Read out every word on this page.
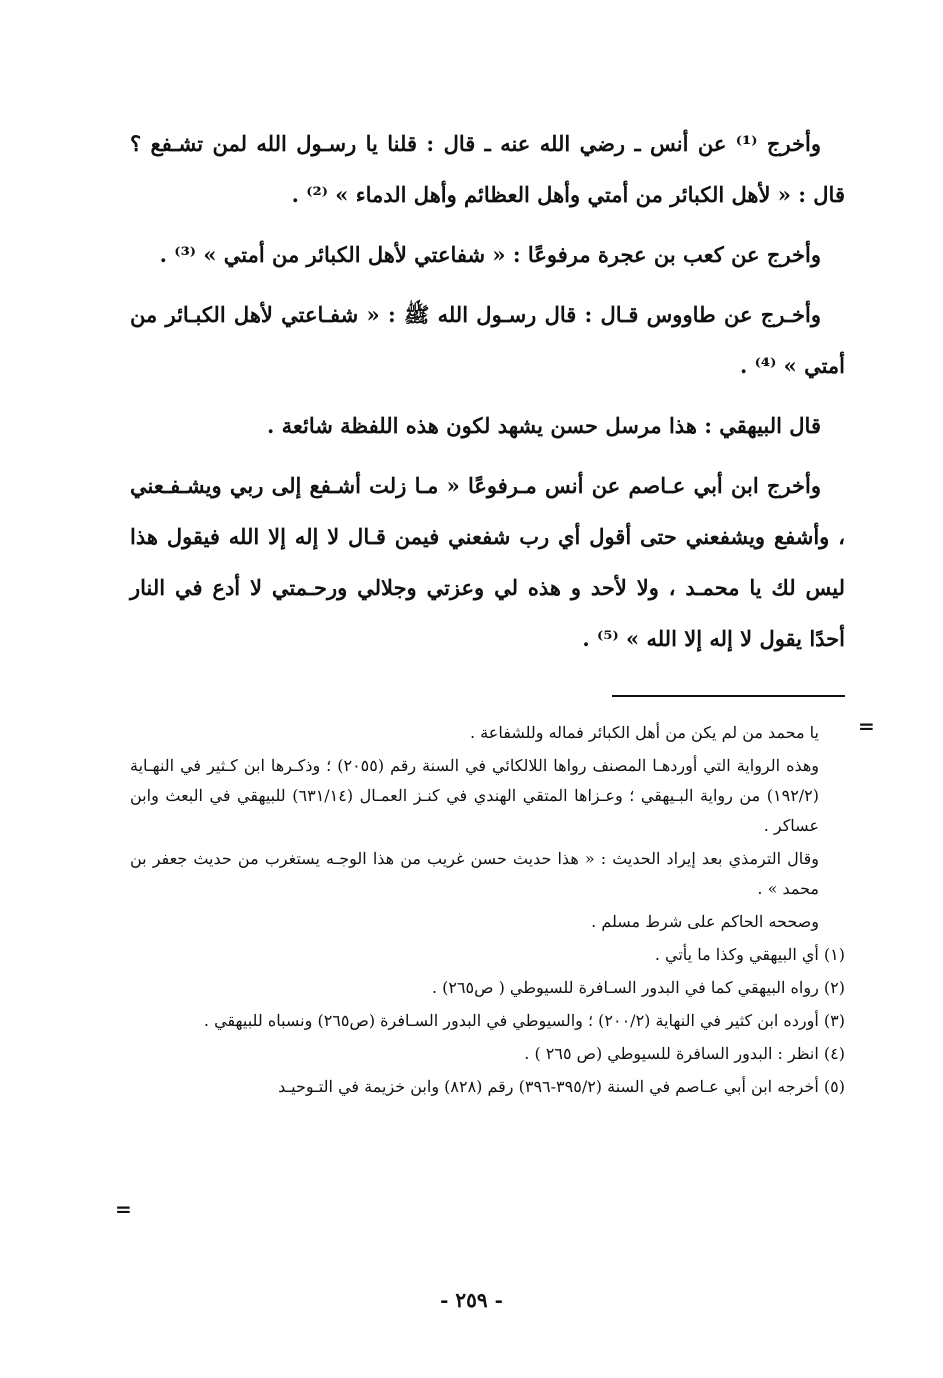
وأخرج ⁽¹⁾ عن أنس ـ رضي الله عنه ـ قال : قلنا يا رسـول الله لمن تشـفع ؟ قال : « لأهل الكبائر من أمتي وأهل العظائم وأهل الدماء » ⁽²⁾ .

وأخرج عن كعب بن عجرة مرفوعًا : « شفاعتي لأهل الكبائر من أمتي » ⁽³⁾ .

وأخـرج عن طاووس قـال : قال رسـول الله ﷺ : « شفـاعتي لأهل الكبـائر من أمتي » ⁽⁴⁾ .

قال البيهقي : هذا مرسل حسن يشهد لكون هذه اللفظة شائعة .

وأخرج ابن أبي عـاصم عن أنس مـرفوعًا « مـا زلت أشـفع إلى ربي ويشـفـعني ، وأشفع ويشفعني حتى أقول أي رب شفعني فيمن قـال لا إله إلا الله فيقول هذا ليس لك يا محمـد ، ولا لأحد و هذه لي وعزتي وجلالي ورحـمتي لا أدع في النار أحدًا يقول لا إله إلا الله » ⁽⁵⁾ .

=

يا محمد من لم يكن من أهل الكبائر فماله وللشفاعة .

وهذه الرواية التي أوردهـا المصنف رواها اللالكائي في السنة رقم (٢٠٥٥) ؛ وذكـرها ابن كـثير في النهـاية (١٩٢/٢) من رواية البـيهقي ؛ وعـزاها المتقي الهندي في كنـز العمـال (٦٣١/١٤) للبيهقي في البعث وابن عساكر .

وقال الترمذي بعد إيراد الحديث : « هذا حديث حسن غريب من هذا الوجـه يستغرب من حديث جعفر بن محمد » .

وصححه الحاكم على شرط مسلم .

(١) أي البيهقي وكذا ما يأتي .

(٢) رواه البيهقي كما في البدور السـافرة للسيوطي ( ص٢٦٥) .

(٣) أورده ابن كثير في النهاية (٢٠٠/٢) ؛ والسيوطي في البدور السـافرة (ص٢٦٥) ونسباه للبيهقي .

(٤) انظر : البدور السافرة للسيوطي (ص ٢٦٥ ) .

(٥) أخرجه ابن أبي عـاصم في السنة (٣٩٥/٢-٣٩٦) رقم (٨٢٨) وابن خزيمة في التـوحيـد

=
- ٢٥٩ -
